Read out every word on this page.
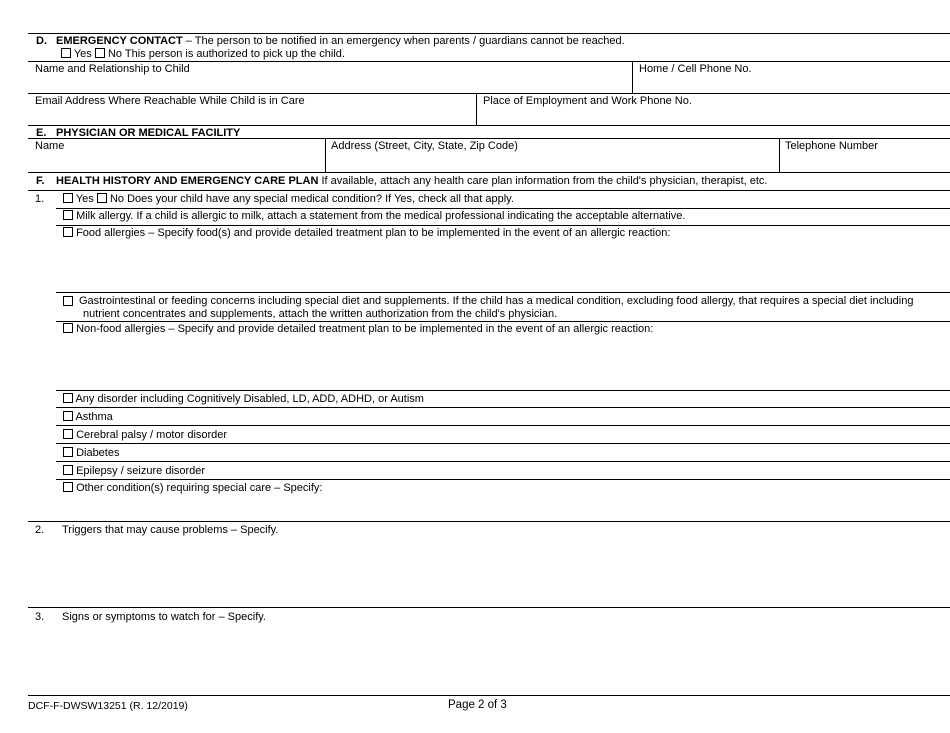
D. EMERGENCY CONTACT – The person to be notified in an emergency when parents / guardians cannot be reached.
Yes No This person is authorized to pick up the child.
Name and Relationship to Child	Home / Cell Phone No.
Email Address Where Reachable While Child is in Care	Place of Employment and Work Phone No.
E. PHYSICIAN OR MEDICAL FACILITY
Name	Address (Street, City, State, Zip Code)	Telephone Number
F. HEALTH HISTORY AND EMERGENCY CARE PLAN If available, attach any health care plan information from the child's physician, therapist, etc.
1.	Yes No Does your child have any special medical condition? If Yes, check all that apply.
Milk allergy. If a child is allergic to milk, attach a statement from the medical professional indicating the acceptable alternative.
Food allergies – Specify food(s) and provide detailed treatment plan to be implemented in the event of an allergic reaction:
Gastrointestinal or feeding concerns including special diet and supplements. If the child has a medical condition, excluding food allergy, that requires a special diet including
nutrient concentrates and supplements, attach the written authorization from the child's physician.
Non-food allergies – Specify and provide detailed treatment plan to be implemented in the event of an allergic reaction:
Any disorder including Cognitively Disabled, LD, ADD, ADHD, or Autism
Asthma
Cerebral palsy / motor disorder
Diabetes
Epilepsy / seizure disorder
Other condition(s) requiring special care – Specify:
2. Triggers that may cause problems – Specify.
3. Signs or symptoms to watch for – Specify.
DCF-F-DWSW13251 (R. 12/2019)	Page 2 of 3
